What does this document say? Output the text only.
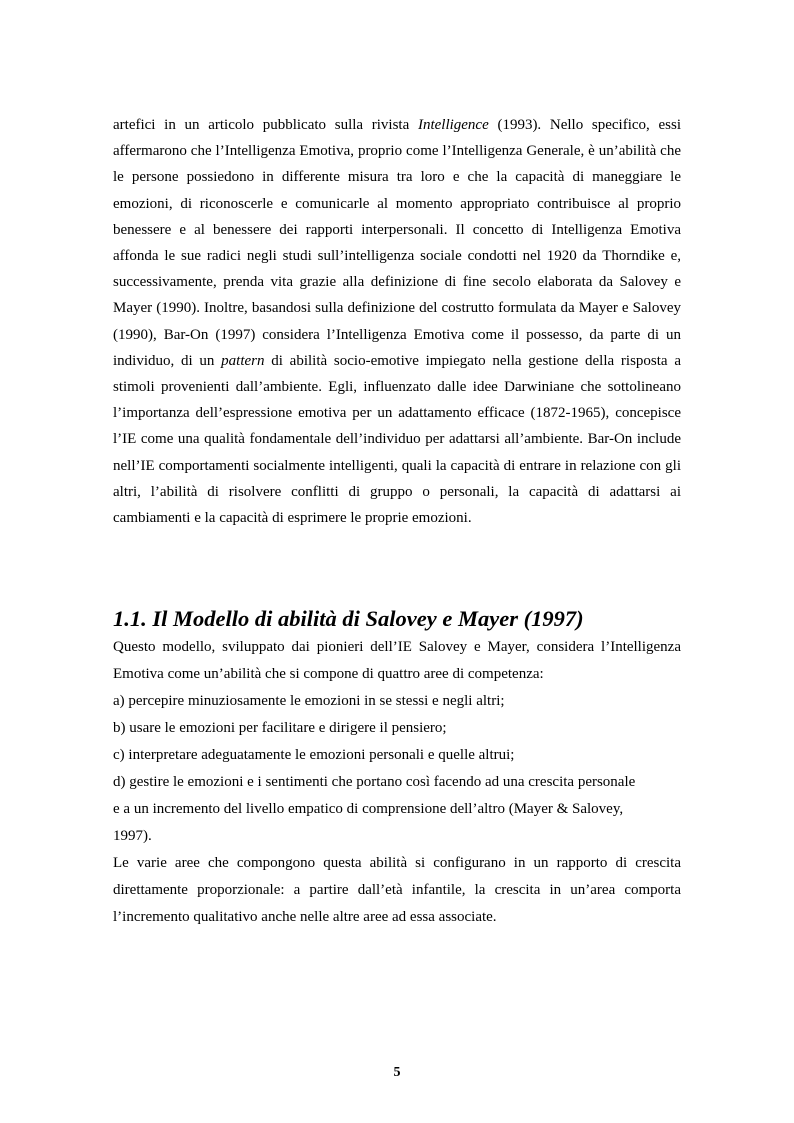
artefici in un articolo pubblicato sulla rivista Intelligence (1993). Nello specifico, essi affermarono che l’Intelligenza Emotiva, proprio come l’Intelligenza Generale, è un’abilità che le persone possiedono in differente misura tra loro e che la capacità di maneggiare le emozioni, di riconoscerle e comunicarle al momento appropriato contribuisce al proprio benessere e al benessere dei rapporti interpersonali. Il concetto di Intelligenza Emotiva affonda le sue radici negli studi sull’intelligenza sociale condotti nel 1920 da Thorndike e, successivamente, prenda vita grazie alla definizione di fine secolo elaborata da Salovey e Mayer (1990). Inoltre, basandosi sulla definizione del costrutto formulata da Mayer e Salovey (1990), Bar-On (1997) considera l’Intelligenza Emotiva come il possesso, da parte di un individuo, di un pattern di abilità socio-emotive impiegato nella gestione della risposta a stimoli provenienti dall’ambiente. Egli, influenzato dalle idee Darwiniane che sottolineano l’importanza dell’espressione emotiva per un adattamento efficace (1872-1965), concepisce l’IE come una qualità fondamentale dell’individuo per adattarsi all’ambiente. Bar-On include nell’IE comportamenti socialmente intelligenti, quali la capacità di entrare in relazione con gli altri, l’abilità di risolvere conflitti di gruppo o personali, la capacità di adattarsi ai cambiamenti e la capacità di esprimere le proprie emozioni.

1.1. Il Modello di abilità di Salovey e Mayer (1997)

Questo modello, sviluppato dai pionieri dell’IE Salovey e Mayer, considera l’Intelligenza Emotiva come un’abilità che si compone di quattro aree di competenza:

a) percepire minuziosamente le emozioni in se stessi e negli altri;
b) usare le emozioni per facilitare e dirigere il pensiero;
c) interpretare adeguatamente le emozioni personali e quelle altrui;
d) gestire le emozioni e i sentimenti che portano così facendo ad una crescita personale
e a un incremento del livello empatico di comprensione dell’altro (Mayer & Salovey,
1997).

Le varie aree che compongono questa abilità si configurano in un rapporto di crescita direttamente proporzionale: a partire dall’età infantile, la crescita in un’area comporta l’incremento qualitativo anche nelle altre aree ad essa associate.

5
